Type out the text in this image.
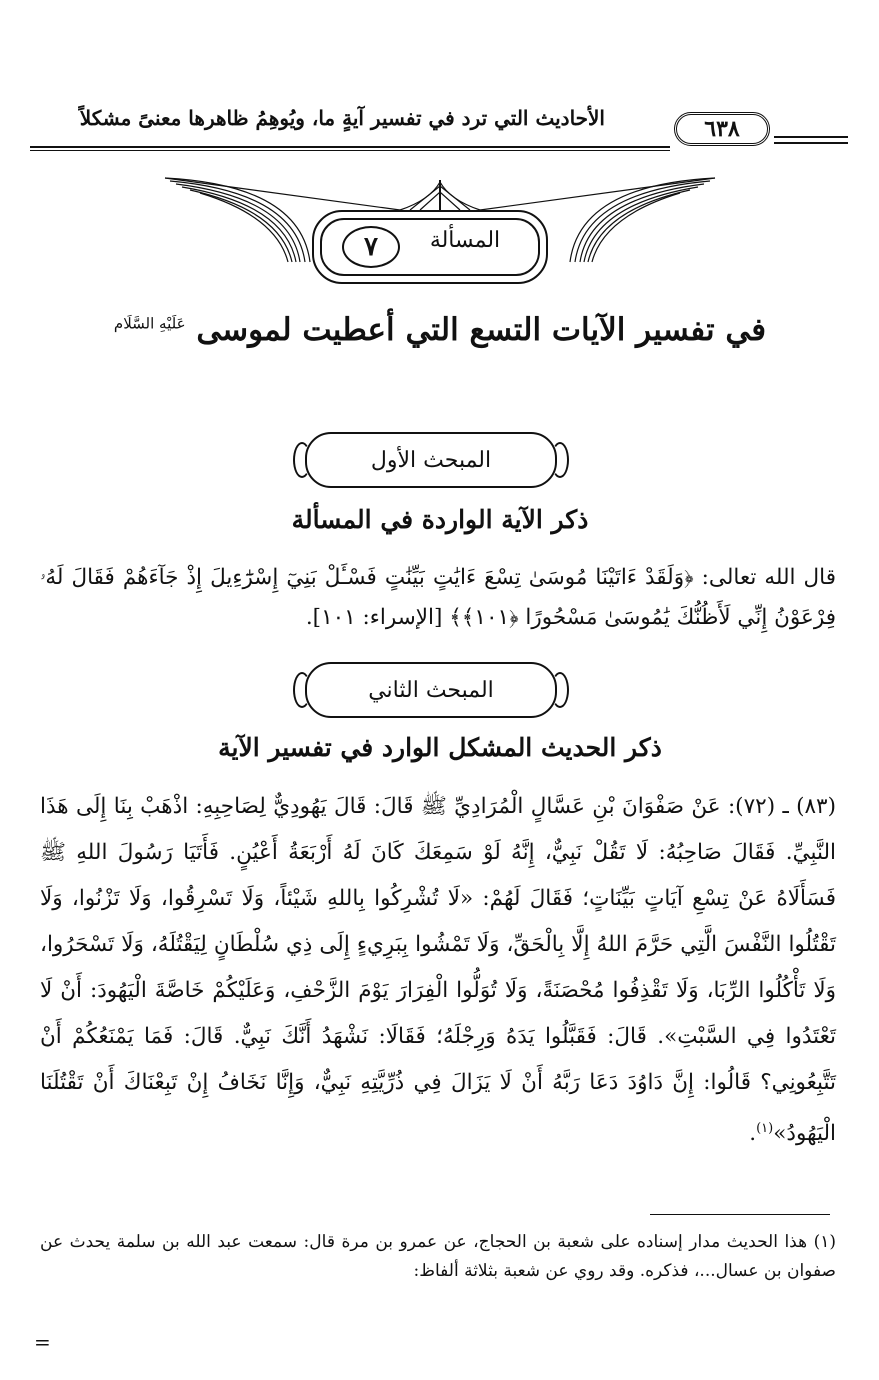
الأحاديث التي ترد في تفسير آيةٍ ما، ويُوهِمُ ظاهرها معنىً مشكلاً	٦٣٨
المسألة
٧
في تفسير الآيات التسع التي أعطيت لموسى $^{عَلَيْهِ السَّلَام}$
المبحث الأول
ذكر الآية الواردة في المسألة
قال الله تعالى: ﴿وَلَقَدْ ءَاتَيْنَا مُوسَىٰ تِسْعَ ءَايَٰتٍ بَيِّنَٰتٍ فَسْـَٔلْ بَنِيٓ إِسْرَٰٓءِيلَ إِذْ جَآءَهُمْ فَقَالَ لَهُۥ فِرْعَوْنُ إِنِّي لَأَظُنُّكَ يَٰمُوسَىٰ مَسْحُورًا ﴿١٠١﴾﴾ [الإسراء: ١٠١].
المبحث الثاني
ذكر الحديث المشكل الوارد في تفسير الآية
(٨٣) ـ (٧٢): عَنْ صَفْوَانَ بْنِ عَسَّالٍ الْمُرَادِيِّ ﷺ قَالَ: قَالَ يَهُودِيٌّ لِصَاحِبِهِ: اذْهَبْ بِنَا إِلَى هَذَا النَّبِيِّ. فَقَالَ صَاحِبُهُ: لَا تَقُلْ نَبِيٌّ، إِنَّهُ لَوْ سَمِعَكَ كَانَ لَهُ أَرْبَعَةُ أَعْيُنٍ. فَأَتَيَا رَسُولَ اللهِ ﷺ فَسَأَلَاهُ عَنْ تِسْعِ آيَاتٍ بَيِّنَاتٍ؛ فَقَالَ لَهُمْ: «لَا تُشْرِكُوا بِاللهِ شَيْئاً، وَلَا تَسْرِقُوا، وَلَا تَزْنُوا، وَلَا تَقْتُلُوا النَّفْسَ الَّتِي حَرَّمَ اللهُ إِلَّا بِالْحَقِّ، وَلَا تَمْشُوا بِبَرِيءٍ إِلَى ذِي سُلْطَانٍ لِيَقْتُلَهُ، وَلَا تَسْحَرُوا، وَلَا تَأْكُلُوا الرِّبَا، وَلَا تَقْذِفُوا مُحْصَنَةً، وَلَا تُوَلُّوا الْفِرَارَ يَوْمَ الزَّحْفِ، وَعَلَيْكُمْ خَاصَّةَ الْيَهُودَ: أَنْ لَا تَعْتَدُوا فِي السَّبْتِ». قَالَ: فَقَبَّلُوا يَدَهُ وَرِجْلَهُ؛ فَقَالَا: نَشْهَدُ أَنَّكَ نَبِيٌّ. قَالَ: فَمَا يَمْنَعُكُمْ أَنْ تَتَّبِعُونِي؟ قَالُوا: إِنَّ دَاوُدَ دَعَا رَبَّهُ أَنْ لَا يَزَالَ فِي ذُرِّيَّتِهِ نَبِيٌّ، وَإِنَّا نَخَافُ إِنْ تَبِعْنَاكَ أَنْ تَقْتُلَنَا الْيَهُودُ»$^{(١)}$.
(١) هذا الحديث مدار إسناده على شعبة بن الحجاج، عن عمرو بن مرة قال: سمعت عبد الله بن سلمة يحدث عن صفوان بن عسال...، فذكره. وقد روي عن شعبة بثلاثة ألفاظ:
=
